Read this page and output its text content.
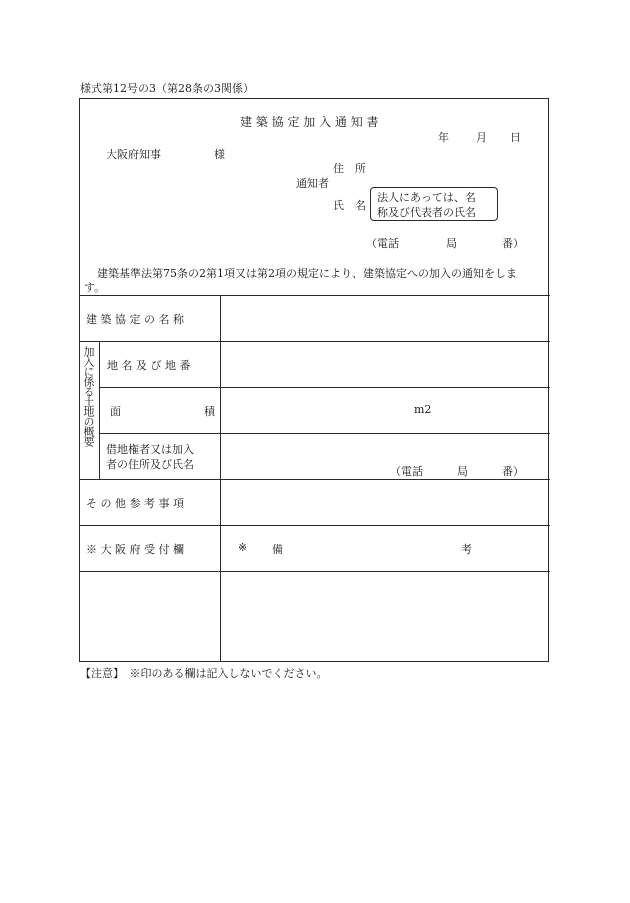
様式第12号の3（第28条の3関係）
建 築 協 定 加 入 通 知 書
年 月 日
大阪府知事	様
住　所
通知者
氏　名
法人にあっては、名
称及び代表者の氏名
（電話	局	番）
建築基準法第75条の2第1項又は第2項の規定により、建築協定への加入の通知をしま
す。
建 築 協 定 の 名 称
加入に係る土地の概要 地 名 及 び 地 番
面	積	m2
借地権者又は加入
者の住所及び氏名
（電話	局	番）
そ の 他 参 考 事 項
※ 大 阪 府 受 付 欄	※ 備	考
【注意】　※印のある欄は記入しないでください。
